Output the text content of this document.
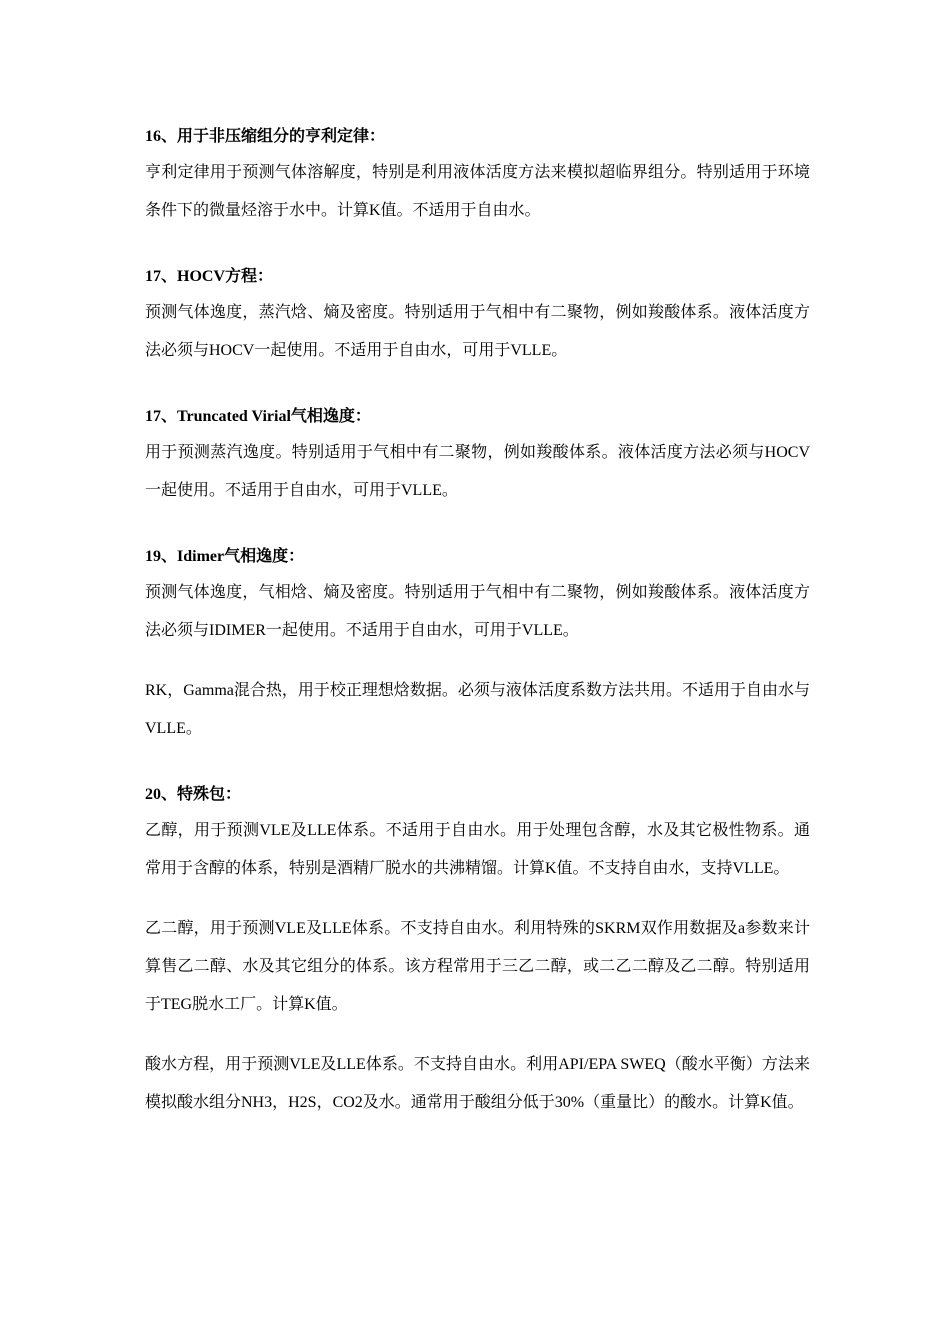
16、用于非压缩组分的亨利定律：

亨利定律用于预测气体溶解度，特别是利用液体活度方法来模拟超临界组分。特别适用于环境条件下的微量烃溶于水中。计算K值。不适用于自由水。

17、HOCV方程：

预测气体逸度，蒸汽焓、熵及密度。特别适用于气相中有二聚物，例如羧酸体系。液体活度方法必须与HOCV一起使用。不适用于自由水，可用于VLLE。

17、Truncated Virial气相逸度：

用于预测蒸汽逸度。特别适用于气相中有二聚物，例如羧酸体系。液体活度方法必须与HOCV一起使用。不适用于自由水，可用于VLLE。

19、Idimer气相逸度：

预测气体逸度，气相焓、熵及密度。特别适用于气相中有二聚物，例如羧酸体系。液体活度方法必须与IDIMER一起使用。不适用于自由水，可用于VLLE。

RK，Gamma混合热，用于校正理想焓数据。必须与液体活度系数方法共用。不适用于自由水与VLLE。

20、特殊包：

乙醇，用于预测VLE及LLE体系。不适用于自由水。用于处理包含醇，水及其它极性物系。通常用于含醇的体系，特别是酒精厂脱水的共沸精馏。计算K值。不支持自由水，支持VLLE。

乙二醇，用于预测VLE及LLE体系。不支持自由水。利用特殊的SKRM双作用数据及a参数来计算售乙二醇、水及其它组分的体系。该方程常用于三乙二醇，或二乙二醇及乙二醇。特别适用于TEG脱水工厂。计算K值。

酸水方程，用于预测VLE及LLE体系。不支持自由水。利用API/EPA SWEQ（酸水平衡）方法来模拟酸水组分NH3，H2S，CO2及水。通常用于酸组分低于30%（重量比）的酸水。计算K值。
